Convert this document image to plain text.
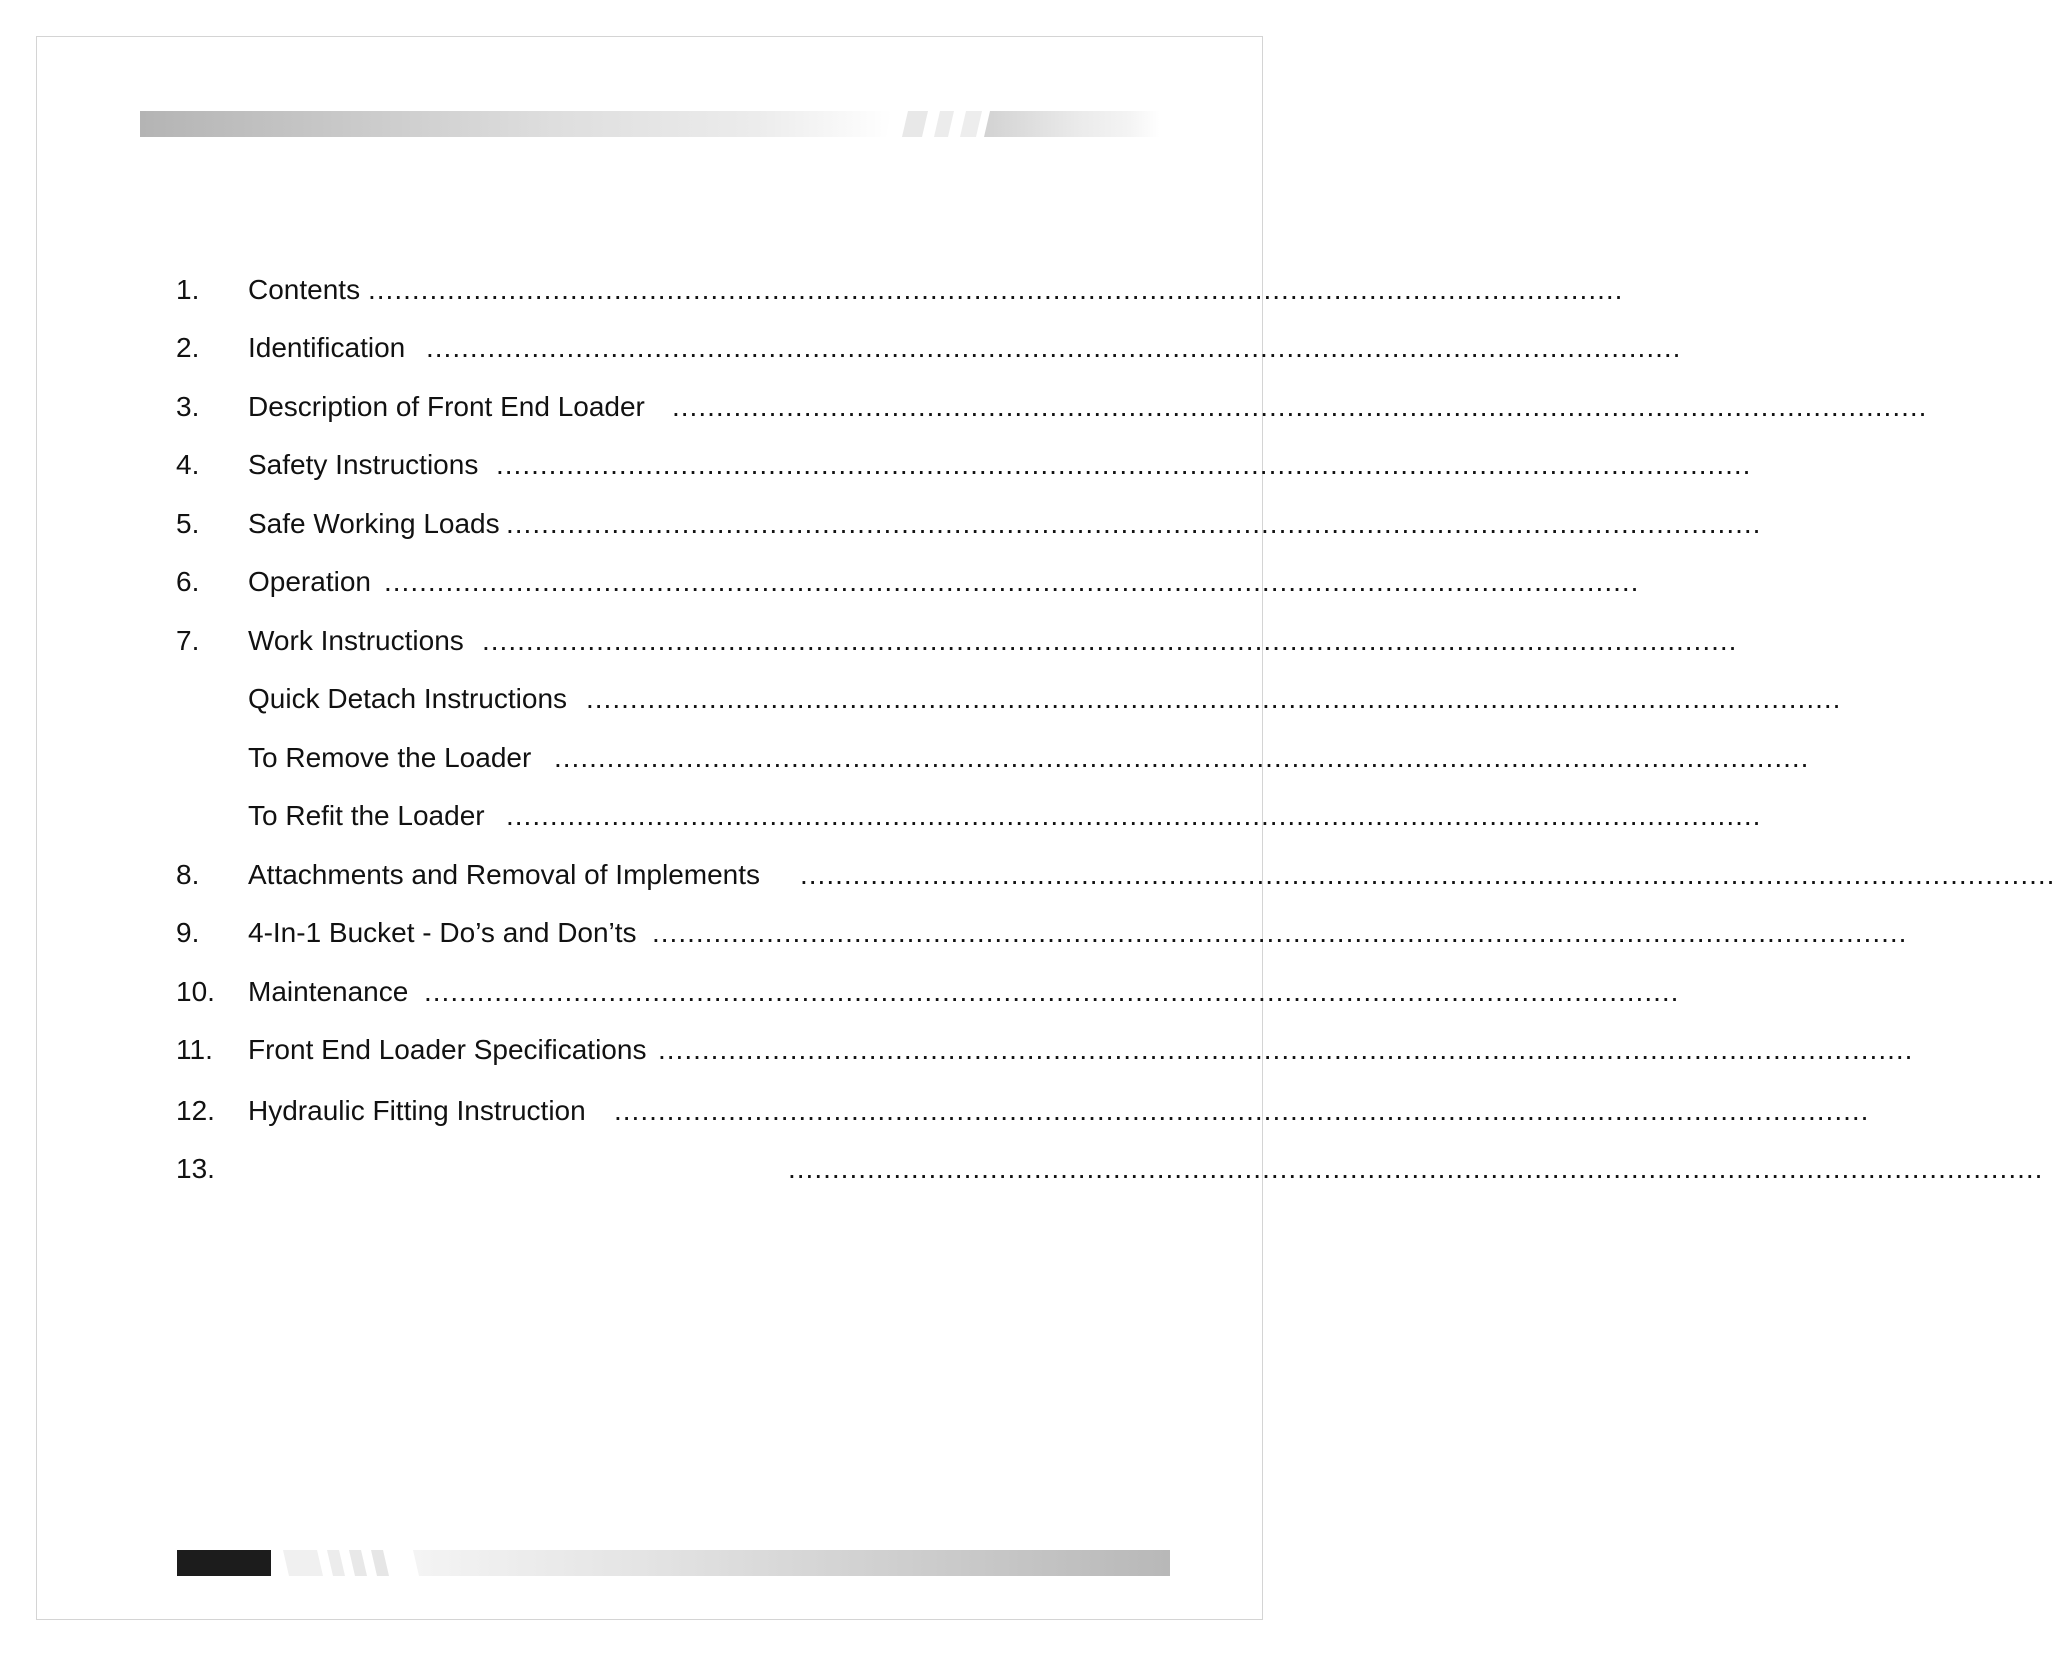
1. Contents ...............................................................................................................................................
2. Identification ...............................................................................................................................................
3. Description of Front End Loader ...............................................................................................................................................
4. Safety Instructions ...............................................................................................................................................
5. Safe Working Loads ...............................................................................................................................................
6. Operation ...............................................................................................................................................
7. Work Instructions ...............................................................................................................................................
Quick Detach Instructions ...............................................................................................................................................
To Remove the Loader ...............................................................................................................................................
To Refit the Loader ...............................................................................................................................................
8. Attachments and Removal of Implements ...............................................................................................................................................
9. 4-In-1 Bucket - Do’s and Don’ts ...............................................................................................................................................
10. Maintenance ...............................................................................................................................................
11. Front End Loader Specifications ...............................................................................................................................................
12. Hydraulic Fitting Instruction ...............................................................................................................................................
13.	...............................................................................................................................................
